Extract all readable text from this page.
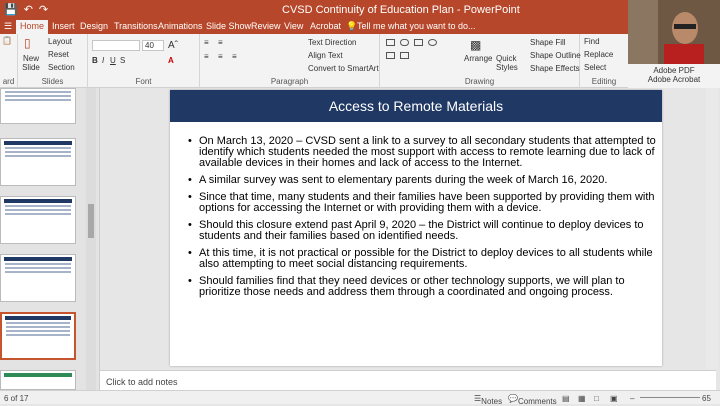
💾 ↶ ↷	CVSD Continuity of Education Plan - PowerPoint
☰ Home Insert Design Transitions Animations Slide Show Review View Acrobat 💡 Tell me what you want to do...
📋
ard
▯
New Slide
Layout
Reset
Section
Slides
40	Aˆ
B I U S	A
Font
≡ ≡
≡ ≡ ≡
Text Direction
Align Text
Convert to SmartArt
Paragraph
▩
Arrange Quick Styles
Shape Fill
Shape Outline
Shape Effects
Drawing
Find
Replace
Select
Editing
Adobe PDF
Adobe Acrobat
Access to Remote Materials
• On March 13, 2020 – CVSD sent a link to a survey to all secondary students that attempted to identify which students needed the most support with access to remote learning due to lack of available devices in their homes and lack of access to the Internet.
• A similar survey was sent to elementary parents during the week of March 16, 2020.
• Since that time, many students and their families have been supported by providing them with options for accessing the Internet or with providing them with a device.
• Should this closure extend past April 9, 2020 – the District will continue to deploy devices to students and their families based on identified needs.
• At this time, it is not practical or possible for the District to deploy devices to all students while also attempting to meet social distancing requirements.
• Should families find that they need devices or other technology supports, we will plan to prioritize those needs and address them through a coordinated and ongoing process.
Click to add notes
6 of 17	☰ Notes 💬 Comments ▤ ▦ □ ▣ –	65
